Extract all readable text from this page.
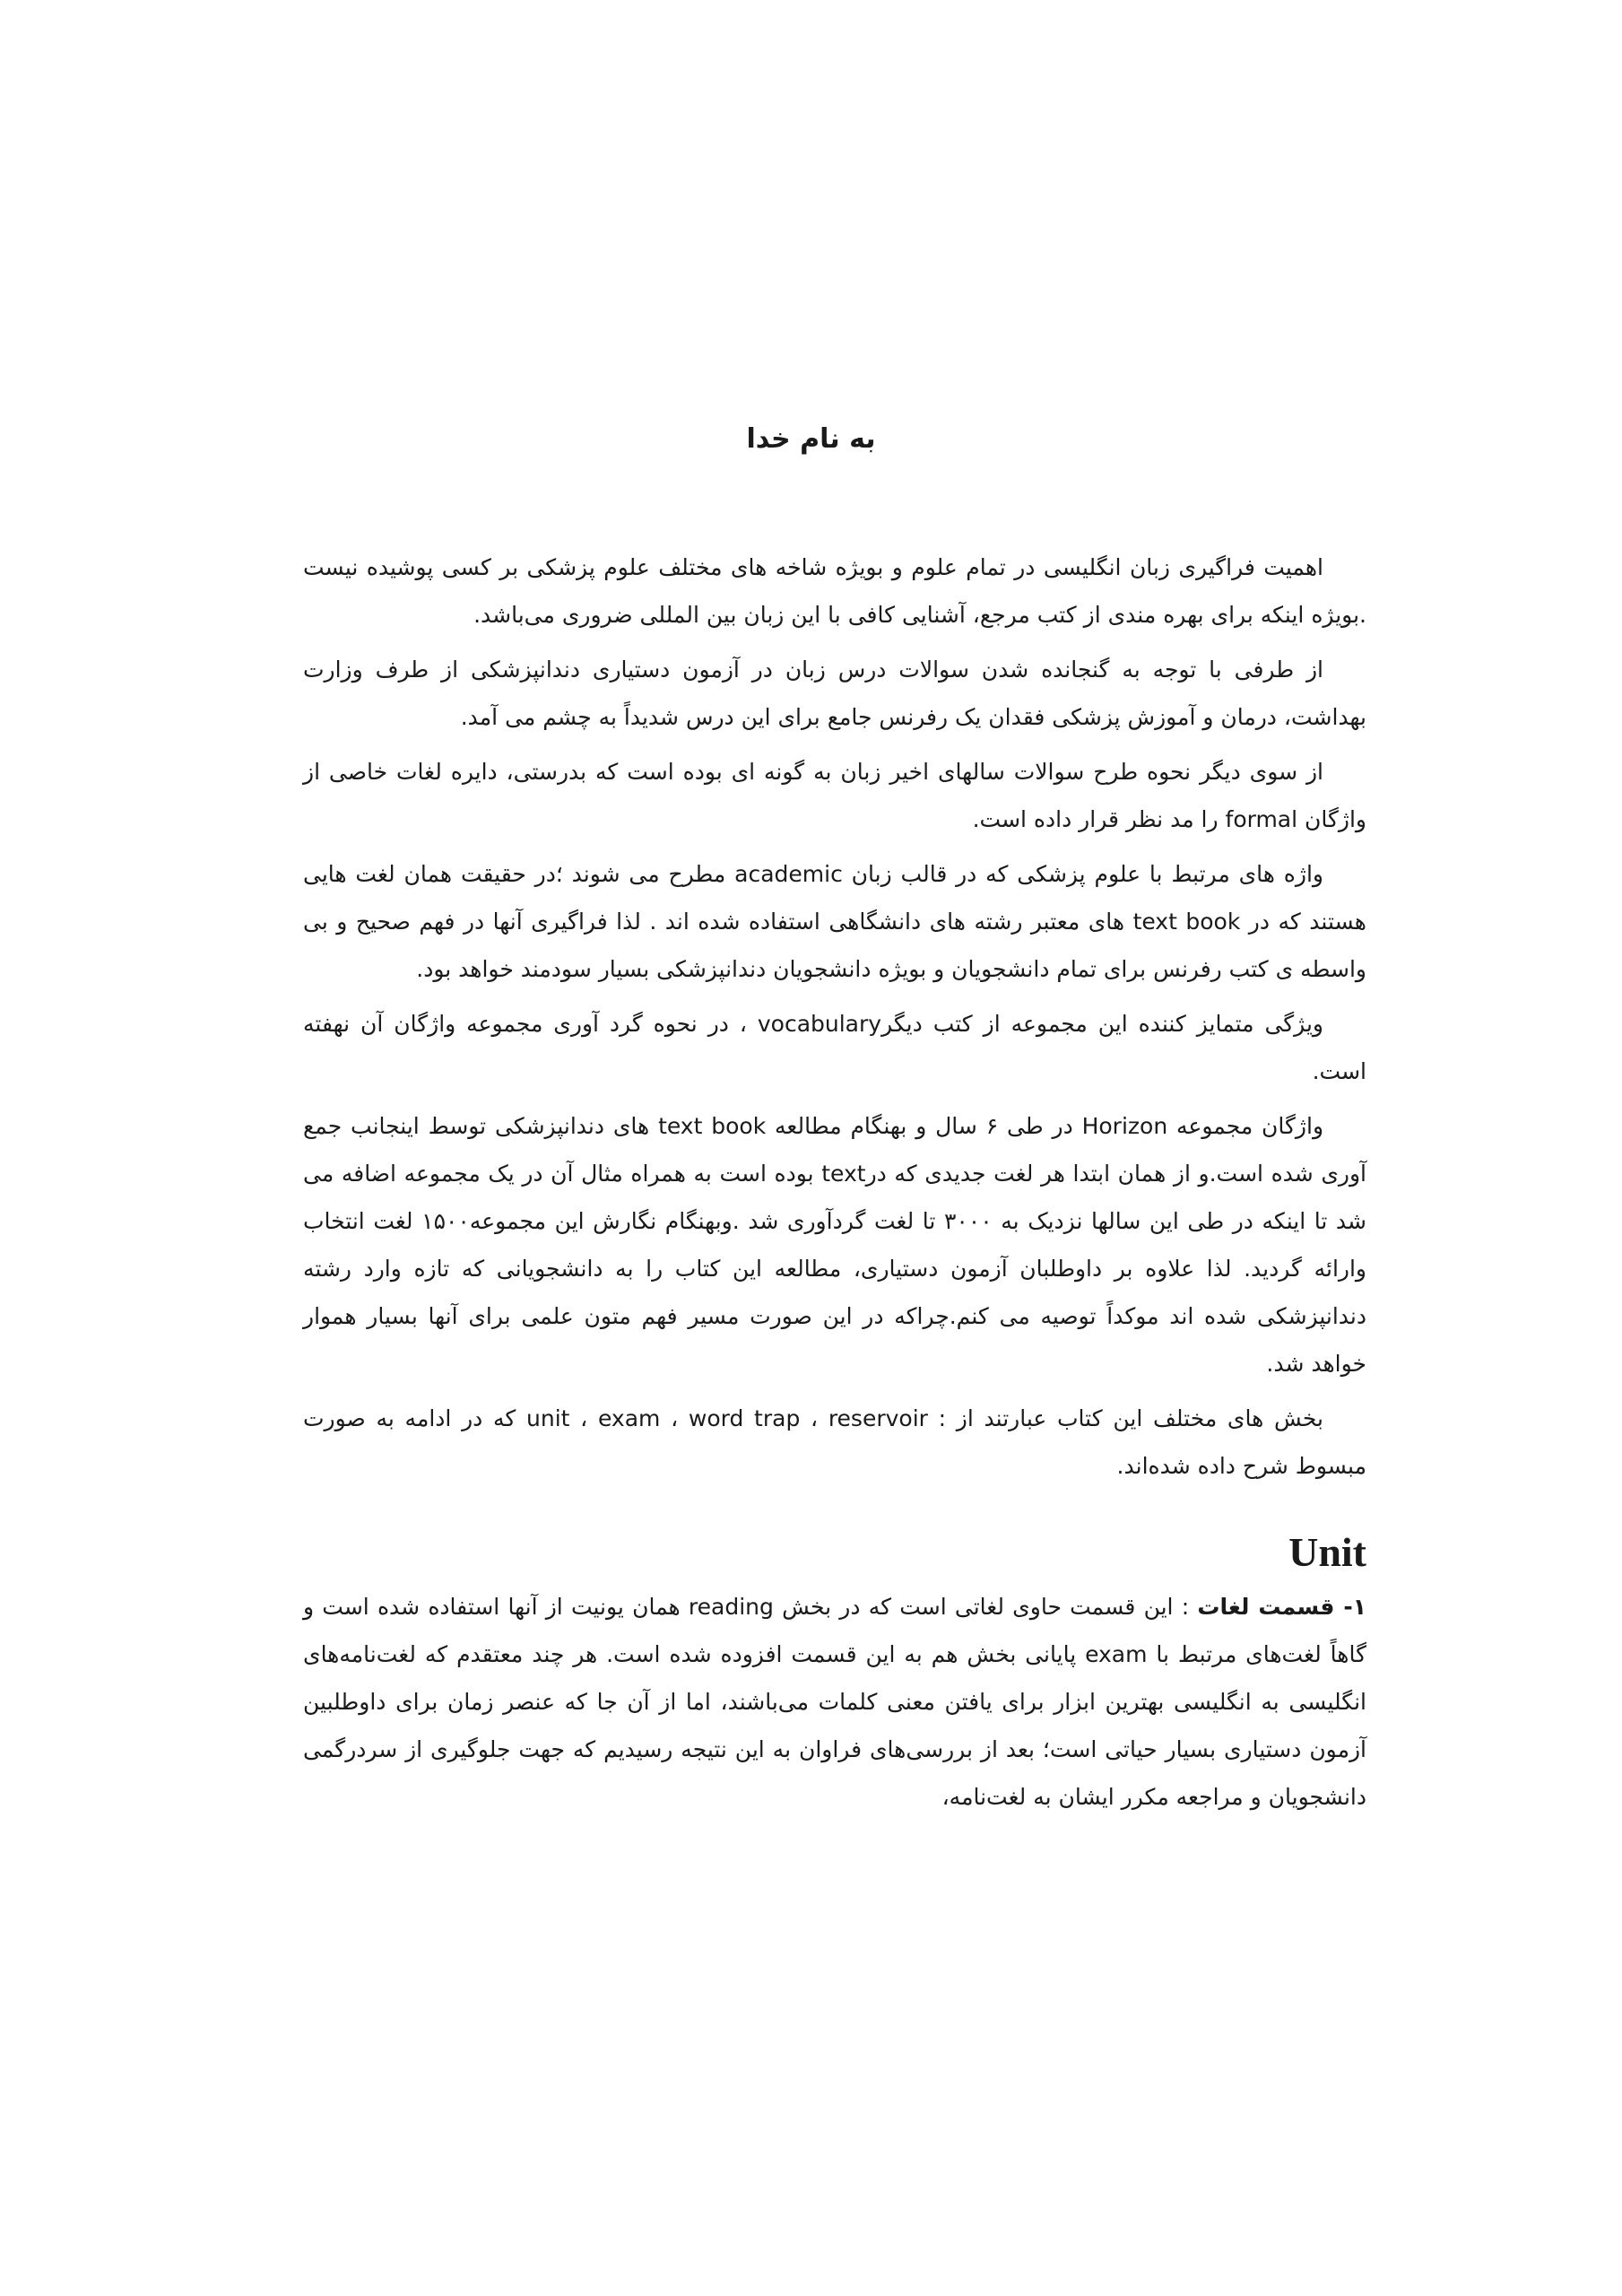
به نام خدا

اهمیت فراگیری زبان انگلیسی در تمام علوم و بویژه شاخه های مختلف علوم پزشکی بر کسی پوشیده نیست .بویژه اینکه برای بهره مندی از کتب مرجع، آشنایی کافی با این زبان بین المللی ضروری می‌باشد.

از طرفی با توجه به گنجانده شدن سوالات درس زبان در آزمون دستیاری دندانپزشکی از طرف وزارت بهداشت، درمان و آموزش پزشکی فقدان یک رفرنس جامع برای این درس شدیداً به چشم می آمد.

از سوی دیگر نحوه طرح سوالات سالهای اخیر زبان به گونه ای بوده است که بدرستی، دایره لغات خاصی از واژگان formal را مد نظر قرار داده است.

واژه های مرتبط با علوم پزشکی که در قالب زبان academic مطرح می شوند ؛در حقیقت همان لغت هایی هستند که در text book های معتبر رشته های دانشگاهی استفاده شده اند . لذا فراگیری آنها در فهم صحیح و بی واسطه ی کتب رفرنس برای تمام دانشجویان و بویژه دانشجویان دندانپزشکی بسیار سودمند خواهد بود.

ویژگی متمایز کننده این مجموعه از کتب دیگرvocabulary ، در نحوه گرد آوری مجموعه واژگان آن نهفته است.

واژگان مجموعه Horizon در طی ۶ سال و بهنگام مطالعه text book های دندانپزشکی توسط اینجانب جمع آوری شده است.و از همان ابتدا هر لغت جدیدی که درtext بوده است به همراه مثال آن در یک مجموعه اضافه می شد تا اینکه در طی این سالها نزدیک به ۳۰۰۰ تا لغت گردآوری شد .وبهنگام نگارش این مجموعه۱۵۰۰ لغت انتخاب وارائه گردید. لذا علاوه بر داوطلبان آزمون دستیاری، مطالعه این کتاب را به دانشجویانی که تازه وارد رشته دندانپزشکی شده اند موکداً توصیه می کنم.چراکه در این صورت مسیر فهم متون علمی برای آنها بسیار هموار خواهد شد.

بخش های مختلف این کتاب عبارتند از : unit ، exam ، word trap ، reservoir که در ادامه به صورت مبسوط شرح داده شده‌اند.

Unit

۱- قسمت لغات : این قسمت حاوی لغاتی است که در بخش reading همان یونیت از آنها استفاده شده است و گاهاً لغت‌های مرتبط با exam پایانی بخش هم به این قسمت افزوده شده است. هر چند معتقدم که لغت‌نامه‌های انگلیسی به انگلیسی بهترین ابزار برای یافتن معنی کلمات می‌باشند، اما از آن جا که عنصر زمان برای داوطلبین آزمون دستیاری بسیار حیاتی است؛ بعد از بررسی‌های فراوان به این نتیجه رسیدیم که جهت جلوگیری از سردرگمی دانشجویان و مراجعه مکرر ایشان به لغت‌نامه،
